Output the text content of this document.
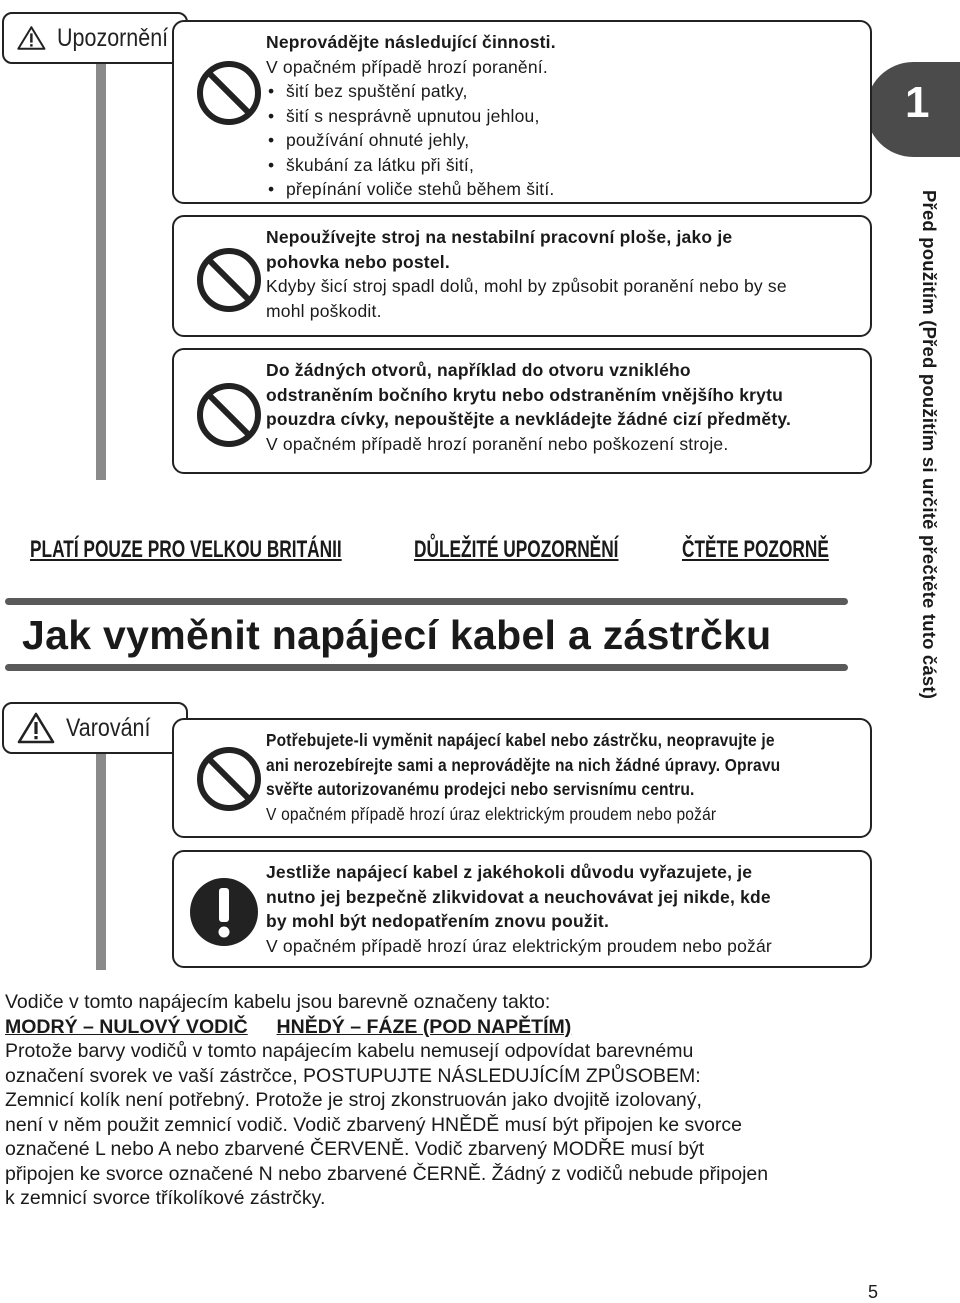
1
Před použitím (Před použitím si určitě přečtěte tuto část)
Upozornění	Neprovádějte následující činnosti.
V opačném případě hrozí poranění.
• šití bez spuštění patky,
• šití s nesprávně upnutou jehlou,
• používání ohnuté jehly,
• škubání za látku při šití,
• přepínání voliče stehů během šití.
Nepoužívejte stroj na nestabilní pracovní ploše, jako je
pohovka nebo postel.
Kdyby šicí stroj spadl dolů, mohl by způsobit poranění nebo by se
mohl poškodit.
Do žádných otvorů, například do otvoru vzniklého
odstraněním bočního krytu nebo odstraněním vnějšího krytu
pouzdra cívky, nepouštějte a nevkládejte žádné cizí předměty.
V opačném případě hrozí poranění nebo poškození stroje.
PLATÍ POUZE PRO VELKOU BRITÁNII	DŮLEŽITÉ UPOZORNĚNÍ	ČTĚTE POZORNĚ
Jak vyměnit napájecí kabel a zástrčku
Varování	Potřebujete-li vyměnit napájecí kabel nebo zástrčku, neopravujte je
ani nerozebírejte sami a neprovádějte na nich žádné úpravy. Opravu
svěřte autorizovanému prodejci nebo servisnímu centru.
V opačném případě hrozí úraz elektrickým proudem nebo požár
Jestliže napájecí kabel z jakéhokoli důvodu vyřazujete, je
nutno jej bezpečně zlikvidovat a neuchovávat jej nikde, kde
by mohl být nedopatřením znovu použit.
V opačném případě hrozí úraz elektrickým proudem nebo požár
Vodiče v tomto napájecím kabelu jsou barevně označeny takto:
MODRÝ – NULOVÝ VODIČ HNĚDÝ – FÁZE (POD NAPĚTÍM)
Protože barvy vodičů v tomto napájecím kabelu nemusejí odpovídat barevnému
označení svorek ve vaší zástrčce, POSTUPUJTE NÁSLEDUJÍCÍM ZPŮSOBEM:
Zemnicí kolík není potřebný. Protože je stroj zkonstruován jako dvojitě izolovaný,
není v něm použit zemnicí vodič. Vodič zbarvený HNĚDĚ musí být připojen ke svorce
označené L nebo A nebo zbarvené ČERVENĚ. Vodič zbarvený MODŘE musí být
připojen ke svorce označené N nebo zbarvené ČERNĚ. Žádný z vodičů nebude připojen
k zemnicí svorce tříkolíkové zástrčky.
5
